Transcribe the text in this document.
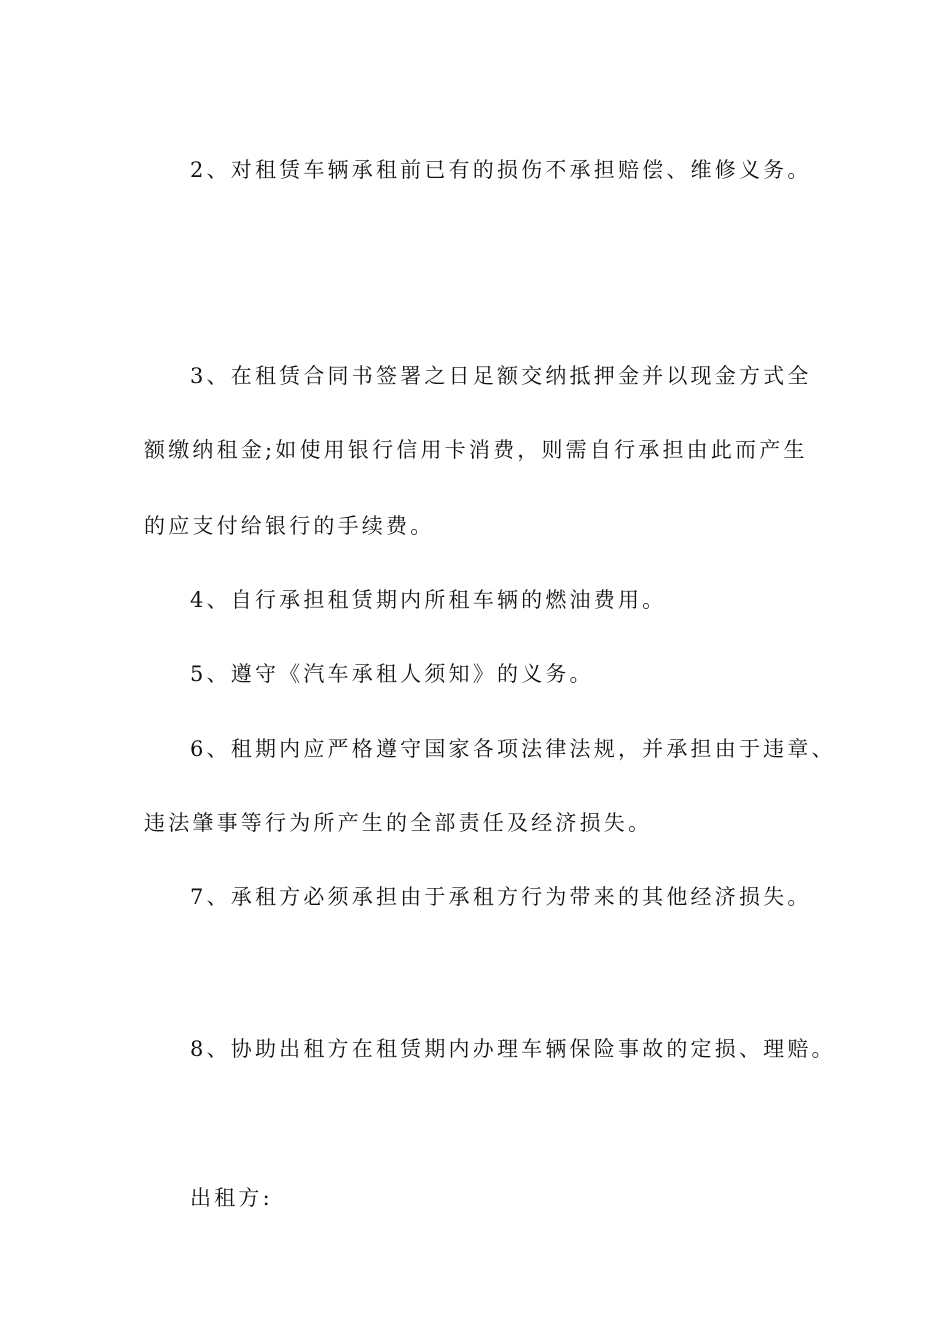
2、对租赁车辆承租前已有的损伤不承担赔偿、维修义务。
3、在租赁合同书签署之日足额交纳抵押金并以现金方式全
额缴纳租金;如使用银行信用卡消费，则需自行承担由此而产生
的应支付给银行的手续费。
4、自行承担租赁期内所租车辆的燃油费用。
5、遵守《汽车承租人须知》的义务。
6、租期内应严格遵守国家各项法律法规，并承担由于违章、
违法肇事等行为所产生的全部责任及经济损失。
7、承租方必须承担由于承租方行为带来的其他经济损失。
8、协助出租方在租赁期内办理车辆保险事故的定损、理赔。
出租方:
